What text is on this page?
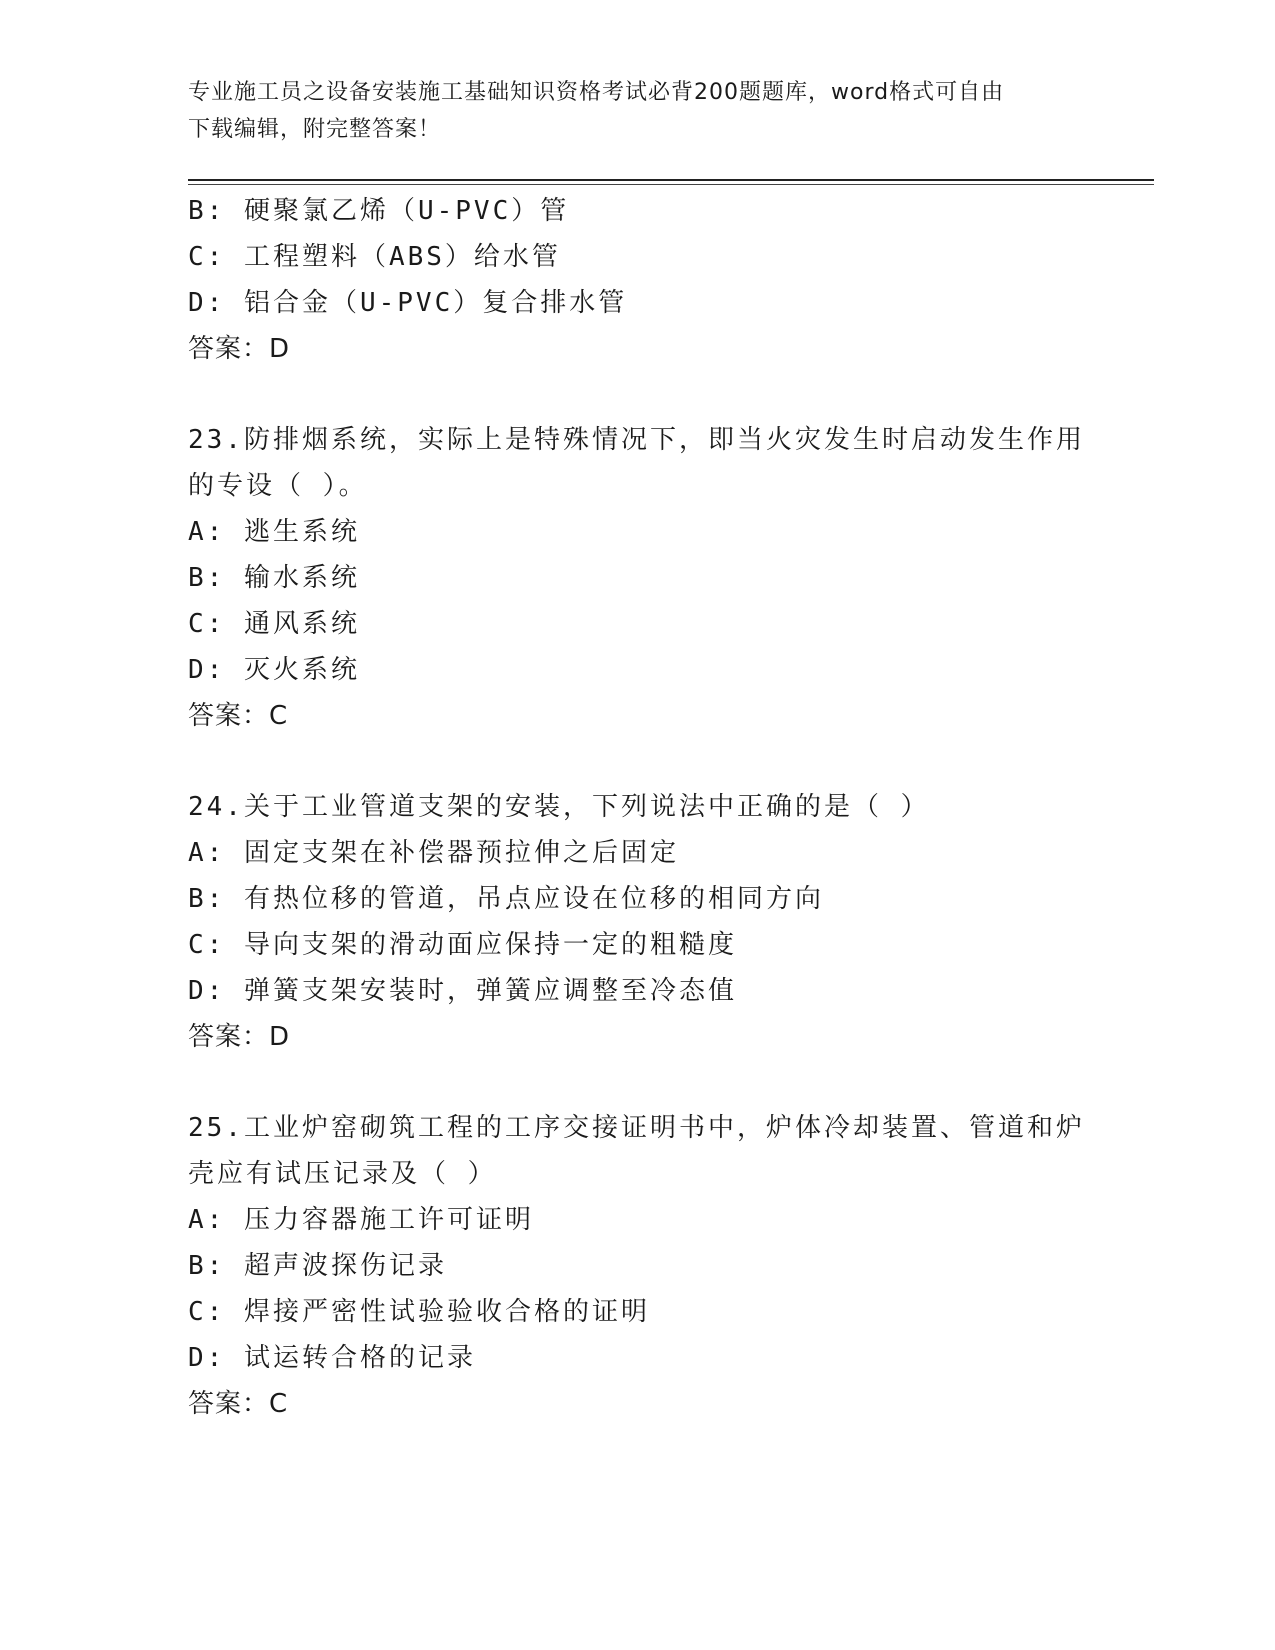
专业施工员之设备安装施工基础知识资格考试必背200题题库，word格式可自由
下载编辑，附完整答案！
B: 硬聚氯乙烯（U-PVC）管
C: 工程塑料（ABS）给水管
D: 铝合金（U-PVC）复合排水管
答案：D
23.防排烟系统，实际上是特殊情况下，即当火灾发生时启动发生作用
的专设（ ）。
A: 逃生系统
B: 输水系统
C: 通风系统
D: 灭火系统
答案：C
24.关于工业管道支架的安装，下列说法中正确的是（ ）
A: 固定支架在补偿器预拉伸之后固定
B: 有热位移的管道，吊点应设在位移的相同方向
C: 导向支架的滑动面应保持一定的粗糙度
D: 弹簧支架安装时，弹簧应调整至冷态值
答案：D
25.工业炉窑砌筑工程的工序交接证明书中，炉体冷却装置、管道和炉
壳应有试压记录及（ ）
A: 压力容器施工许可证明
B: 超声波探伤记录
C: 焊接严密性试验验收合格的证明
D: 试运转合格的记录
答案：C
